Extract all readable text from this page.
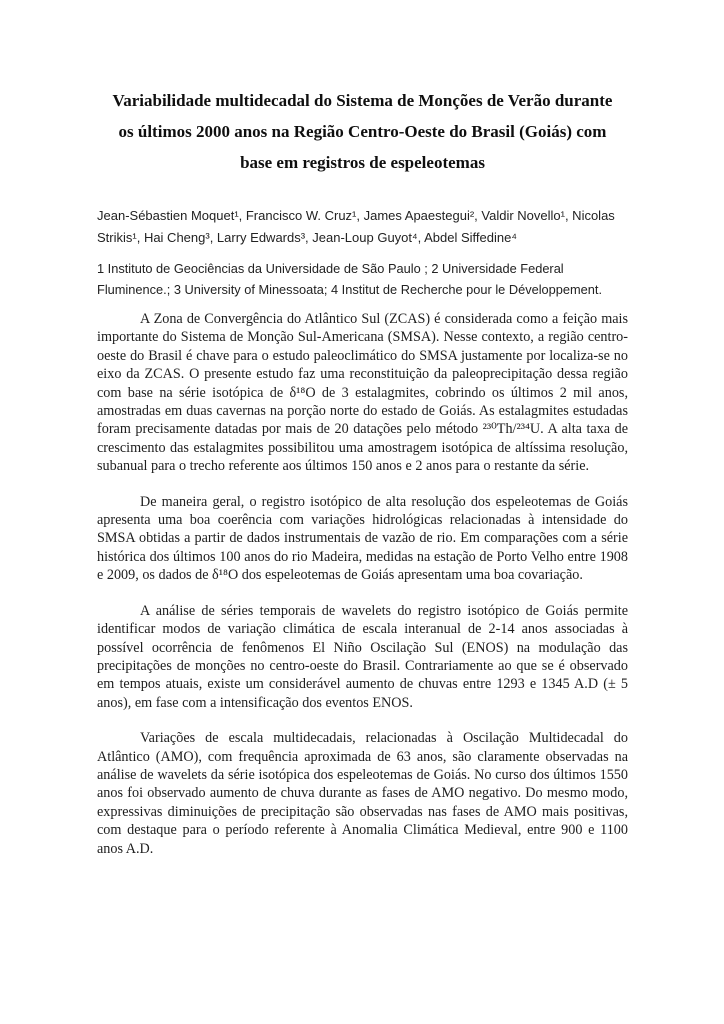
Variabilidade multidecadal do Sistema de Monções de Verão durante
os últimos 2000 anos na Região Centro-Oeste do Brasil (Goiás) com
base em registros de espeleotemas

Jean-Sébastien Moquet¹, Francisco W. Cruz¹, James Apaestegui², Valdir Novello¹, Nicolas Strikis¹, Hai Cheng³, Larry Edwards³, Jean-Loup Guyot⁴, Abdel Siffedine⁴

1 Instituto de Geociências da Universidade de São Paulo ; 2 Universidade Federal Fluminence.; 3 University of Minessoata; 4 Institut de Recherche pour le Développement.

A Zona de Convergência do Atlântico Sul (ZCAS) é considerada como a feição mais importante do Sistema de Monção Sul-Americana (SMSA). Nesse contexto, a região centro-oeste do Brasil é chave para o estudo paleoclimático do SMSA justamente por localiza-se no eixo da ZCAS. O presente estudo faz uma reconstituição da paleoprecipitação dessa região com base na série isotópica de δ¹⁸O de 3 estalagmites, cobrindo os últimos 2 mil anos, amostradas em duas cavernas na porção norte do estado de Goiás. As estalagmites estudadas foram precisamente datadas por mais de 20 datações pelo método ²³⁰Th/²³⁴U. A alta taxa de crescimento das estalagmites possibilitou uma amostragem isotópica de altíssima resolução, subanual para o trecho referente aos últimos 150 anos e 2 anos para o restante da série.

De maneira geral, o registro isotópico de alta resolução dos espeleotemas de Goiás apresenta uma boa coerência com variações hidrológicas relacionadas à intensidade do SMSA obtidas a partir de dados instrumentais de vazão de rio. Em comparações com a série histórica dos últimos 100 anos do rio Madeira, medidas na estação de Porto Velho entre 1908 e 2009, os dados de δ¹⁸O dos espeleotemas de Goiás apresentam uma boa covariação.

A análise de séries temporais de wavelets do registro isotópico de Goiás permite identificar modos de variação climática de escala interanual de 2-14 anos associadas à possível ocorrência de fenômenos El Niño Oscilação Sul (ENOS) na modulação das precipitações de monções no centro-oeste do Brasil. Contrariamente ao que se é observado em tempos atuais, existe um considerável aumento de chuvas entre 1293 e 1345 A.D (± 5 anos), em fase com a intensificação dos eventos ENOS.

Variações de escala multidecadais, relacionadas à Oscilação Multidecadal do Atlântico (AMO), com frequência aproximada de 63 anos, são claramente observadas na análise de wavelets da série isotópica dos espeleotemas de Goiás. No curso dos últimos 1550 anos foi observado aumento de chuva durante as fases de AMO negativo. Do mesmo modo, expressivas diminuições de precipitação são observadas nas fases de AMO mais positivas, com destaque para o período referente à Anomalia Climática Medieval, entre 900 e 1100 anos A.D.
